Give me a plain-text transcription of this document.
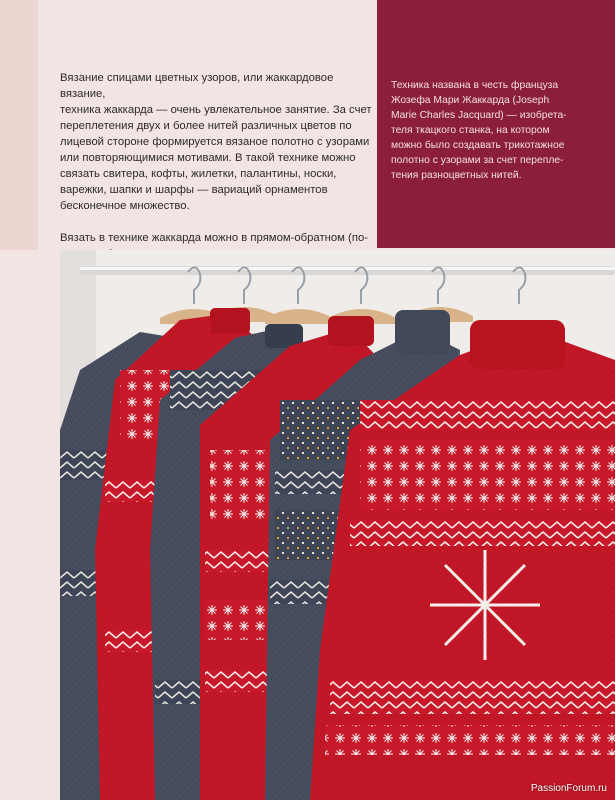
Вязание спицами цветных узоров, или жаккардовое вязание,
техника жаккарда — очень увлекательное занятие. За счет
переплетения двух и более нитей различных цветов по
лицевой стороне формируется вязаное полотно с узорами
или повторяющимися мотивами. В такой технике можно
связать свитера, кофты, жилетки, палантины, носки,
варежки, шапки и шарфы — вариаций орнаментов
бесконечное множество.

Вязать в технике жаккарда можно в прямом-обратном (по-

Техника названа в честь француза
Жозефа Мари Жаккарда (Joseph
Marie Charles Jacquard) — изобрета-
теля ткацкого станка, на котором
можно было создавать трикотажное
полотно с узорами за счет перепле-
тения разноцветных нитей.
PassionForum.ru
